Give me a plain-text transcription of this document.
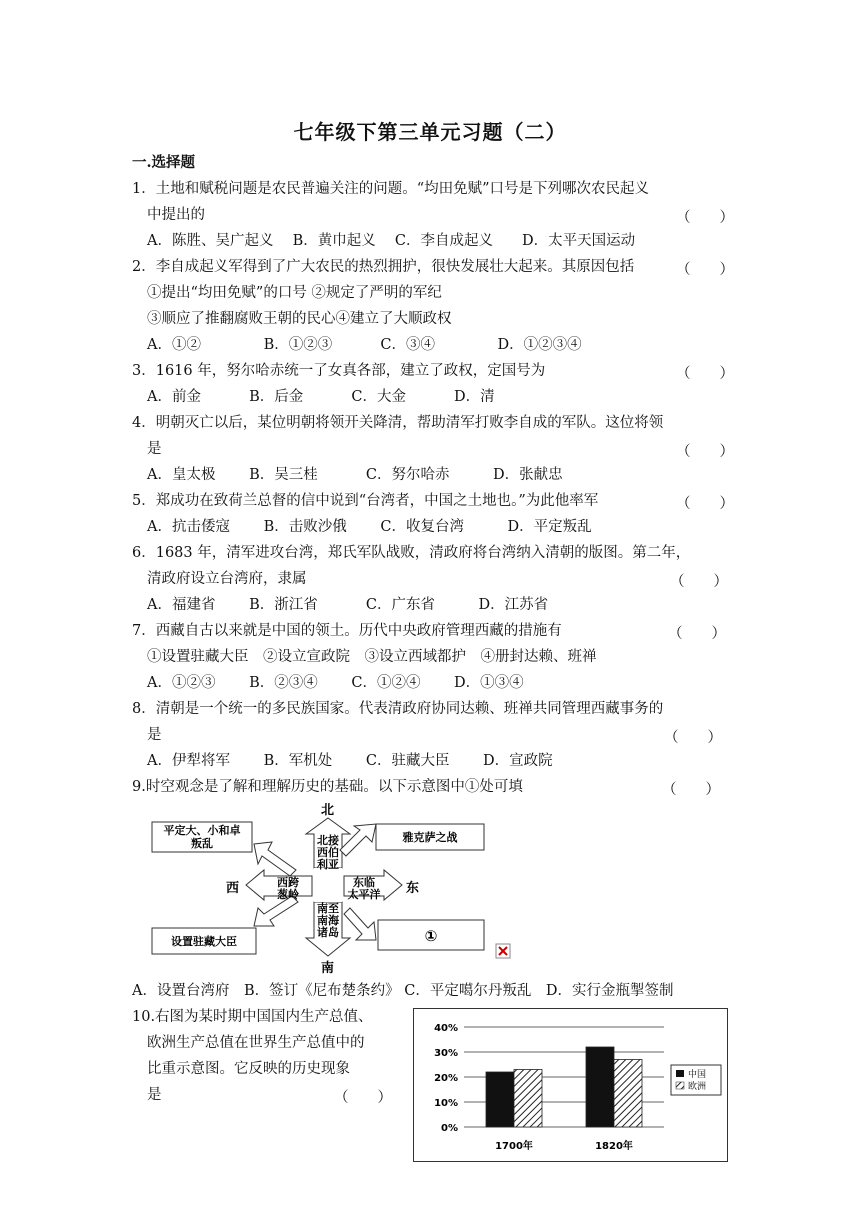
七年级下第三单元习题（二）
一.选择题
1．土地和赋税问题是农民普遍关注的问题。“均田免赋”口号是下列哪次农民起义
中提出的	（　　）
A．陈胜、吴广起义　 B．黄巾起义　 C．李自成起义　　D．太平天国运动
2．李自成起义军得到了广大农民的热烈拥护，很快发展壮大起来。其原因包括	（　　）
①提出“均田免赋”的口号 ②规定了严明的军纪
③顺应了推翻腐败王朝的民心④建立了大顺政权
A．①②　　　　 B．①②③　　　 C．③④　　　　 D．①②③④
3．1616 年，努尔哈赤统一了女真各部，建立了政权，定国号为	（　　）
A．前金　　　 B．后金　　　 C．大金　　　 D．清
4．明朝灭亡以后，某位明朝将领开关降清，帮助清军打败李自成的军队。这位将领
是	（　　）
A．皇太极　　 B．吴三桂　　　 C．努尔哈赤　　　D．张献忠
5．郑成功在致荷兰总督的信中说到“台湾者，中国之土地也。”为此他率军	（　　）
A．抗击倭寇　　 B．击败沙俄　　 C．收复台湾　　　D．平定叛乱
6．1683 年，清军进攻台湾，郑氏军队战败，清政府将台湾纳入清朝的版图。第二年，
清政府设立台湾府，隶属	（　　）
A．福建省　　 B．浙江省　　　 C．广东省　　　D．江苏省
7．西藏自古以来就是中国的领土。历代中央政府管理西藏的措施有	（　　）
①设置驻藏大臣　②设立宣政院　③设立西域都护　④册封达赖、班禅
A．①②③　　 B．②③④　　 C．①②④　　 D．①③④
8．清朝是一个统一的多民族国家。代表清政府协同达赖、班禅共同管理西藏事务的
是	（　　）
A．伊犁将军　　 B．军机处　　 C．驻藏大臣　　 D．宣政院
9.时空观念是了解和理解历史的基础。以下示意图中①处可填	（　　）
北
南
西	东
北接
西伯
利亚
西跨
葱岭
东临
太平洋
南至
南海
诸岛
平定大、小和卓
叛乱	雅克萨之战
设置驻藏大臣	①
A．设置台湾府　B．签订《尼布楚条约》 C．平定噶尔丹叛乱　D．实行金瓶掣签制
10.右图为某时期中国国内生产总值、
欧洲生产总值在世界生产总值中的
比重示意图。它反映的历史现象
是	（　　）
0%
10%
20%
30%
40%
1700年	1820年
中国
欧洲
